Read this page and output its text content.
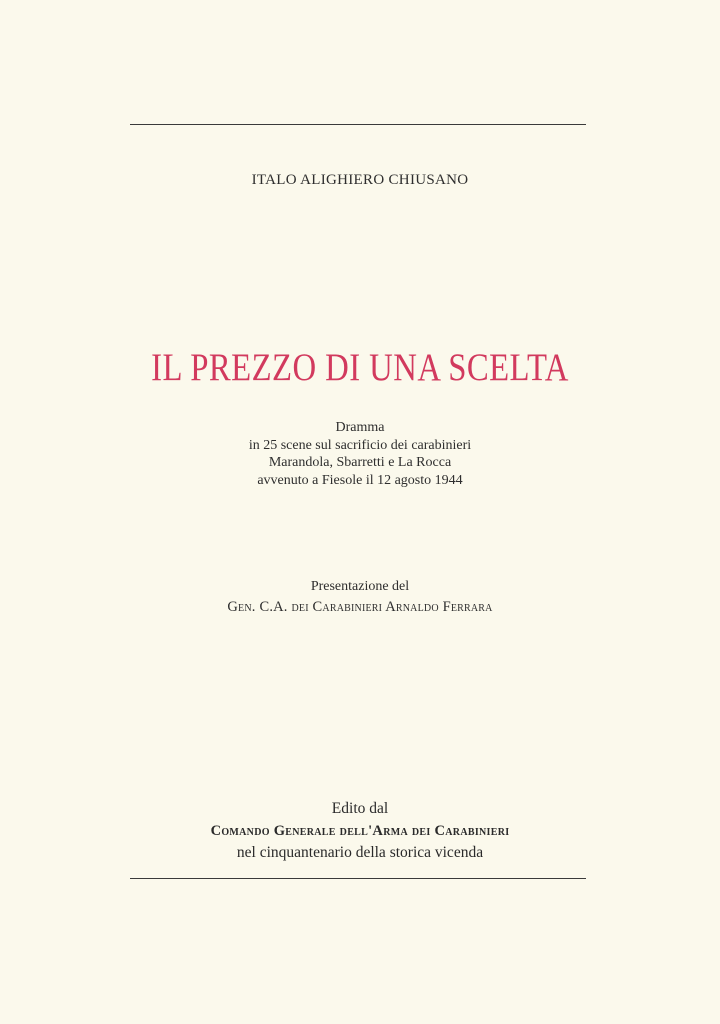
ITALO ALIGHIERO CHIUSANO
IL PREZZO DI UNA SCELTA
Dramma
in 25 scene sul sacrificio dei carabinieri
Marandola, Sbarretti e La Rocca
avvenuto a Fiesole il 12 agosto 1944
Presentazione del
Gen. C.A. dei Carabinieri Arnaldo Ferrara
Edito dal
Comando Generale dell'Arma dei Carabinieri
nel cinquantenario della storica vicenda
